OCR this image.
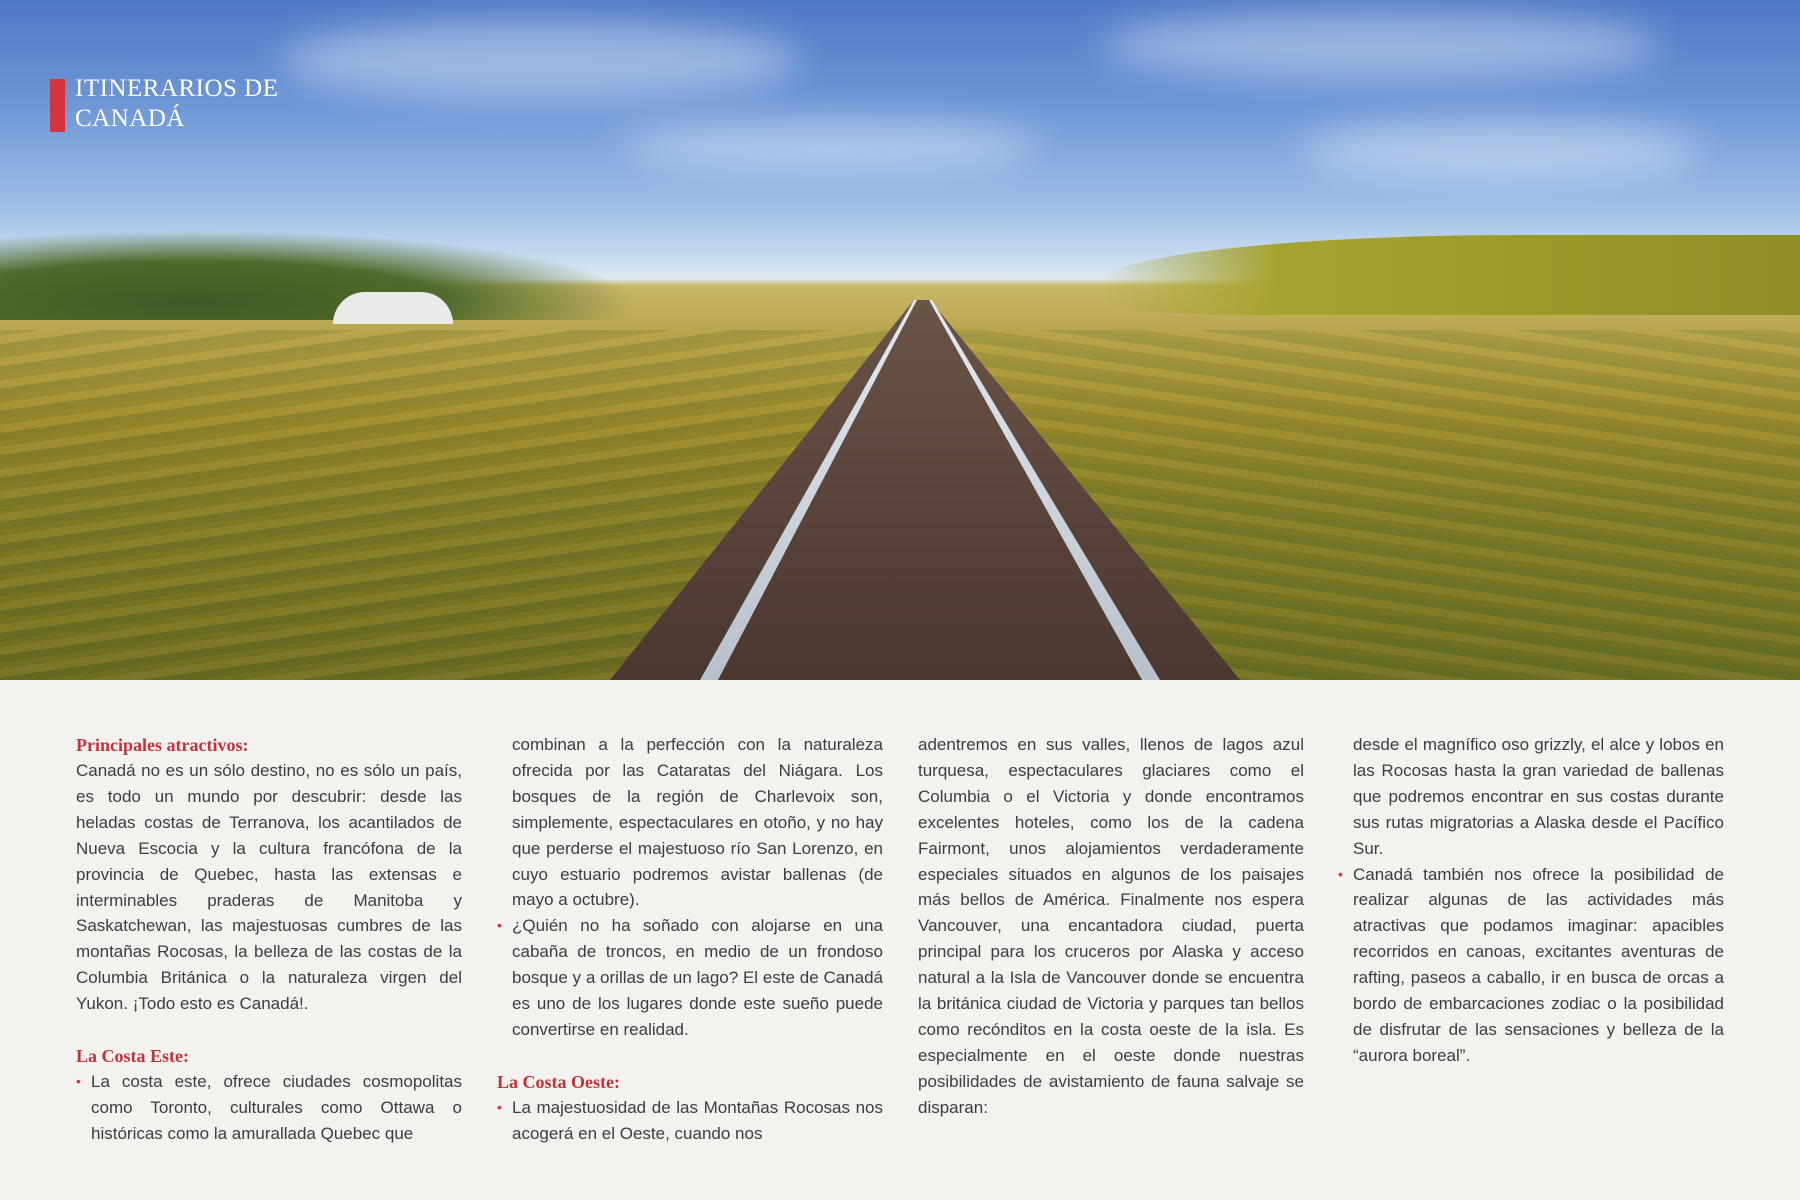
ITINERARIOS DE
CANADÁ

Principales atractivos:

Canadá no es un sólo destino, no es sólo un país, es todo un mundo por descubrir: desde las heladas costas de Terranova, los acantilados de Nueva Escocia y la cultura francófona de la provincia de Quebec, hasta las extensas e interminables praderas de Manitoba y Saskatchewan, las majestuosas cumbres de las montañas Rocosas, la belleza de las costas de la Columbia Británica o la naturaleza virgen del Yukon. ¡Todo esto es Canadá!.

La Costa Este:

• La costa este, ofrece ciudades cosmopolitas como Toronto, culturales como Ottawa o históricas como la amurallada Quebec que

combinan a la perfección con la naturaleza ofrecida por las Cataratas del Niágara. Los bosques de la región de Charlevoix son, simplemente, espectaculares en otoño, y no hay que perderse el majestuoso río San Lorenzo, en cuyo estuario podremos avistar ballenas (de mayo a octubre).

• ¿Quién no ha soñado con alojarse en una cabaña de troncos, en medio de un frondoso bosque y a orillas de un lago? El este de Canadá es uno de los lugares donde este sueño puede convertirse en realidad.

La Costa Oeste:

• La majestuosidad de las Montañas Rocosas nos acogerá en el Oeste, cuando nos

adentremos en sus valles, llenos de lagos azul turquesa, espectaculares glaciares como el Columbia o el Victoria y donde encontramos excelentes hoteles, como los de la cadena Fairmont, unos alojamientos verdaderamente especiales situados en algunos de los paisajes más bellos de América. Finalmente nos espera Vancouver, una encantadora ciudad, puerta principal para los cruceros por Alaska y acceso natural a la Isla de Vancouver donde se encuentra la británica ciudad de Victoria y parques tan bellos como recónditos en la costa oeste de la isla. Es especialmente en el oeste donde nuestras posibilidades de avistamiento de fauna salvaje se disparan:

desde el magnífico oso grizzly, el alce y lobos en las Rocosas hasta la gran variedad de ballenas que podremos encontrar en sus costas durante sus rutas migratorias a Alaska desde el Pacífico Sur.

• Canadá también nos ofrece la posibilidad de realizar algunas de las actividades más atractivas que podamos imaginar: apacibles recorridos en canoas, excitantes aventuras de rafting, paseos a caballo, ir en busca de orcas a bordo de embarcaciones zodiac o la posibilidad de disfrutar de las sensaciones y belleza de la “aurora boreal”.
